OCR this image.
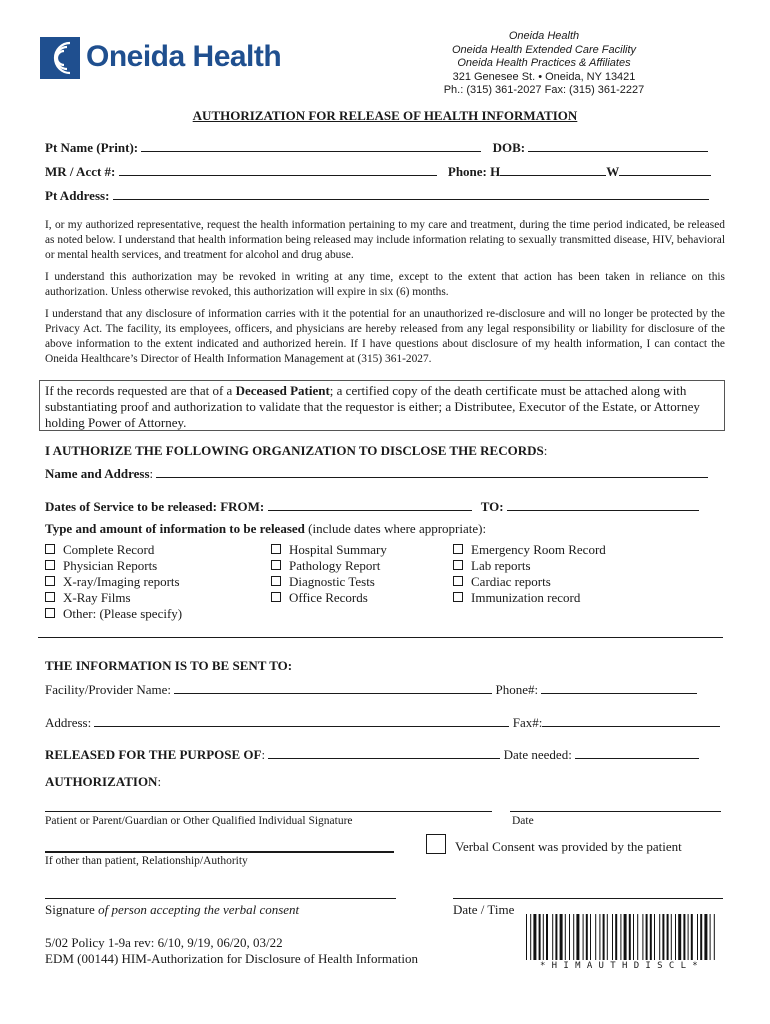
Oneida Health
Oneida Health
Oneida Health Extended Care Facility
Oneida Health Practices & Affiliates
321 Genesee St. • Oneida, NY 13421
Ph.: (315) 361-2027 Fax: (315) 361-2227
AUTHORIZATION FOR RELEASE OF HEALTH INFORMATION
Pt Name (Print):	DOB:
MR / Acct #:	Phone: H	W
Pt Address:
I, or my authorized representative, request the health information pertaining to my care and treatment, during the time period indicated, be released as noted below. I understand that health information being released may include information relating to sexually transmitted disease, HIV, behavioral or mental health services, and treatment for alcohol and drug abuse.
I understand this authorization may be revoked in writing at any time, except to the extent that action has been taken in reliance on this authorization. Unless otherwise revoked, this authorization will expire in six (6) months.
I understand that any disclosure of information carries with it the potential for an unauthorized re-disclosure and will no longer be protected by the Privacy Act. The facility, its employees, officers, and physicians are hereby released from any legal responsibility or liability for disclosure of the above information to the extent indicated and authorized herein. If I have questions about disclosure of my health information, I can contact the Oneida Healthcare’s Director of Health Information Management at (315) 361-2027.
If the records requested are that of a Deceased Patient; a certified copy of the death certificate must be attached along with substantiating proof and authorization to validate that the requestor is either; a Distributee, Executor of the Estate, or Attorney holding Power of Attorney.
I AUTHORIZE THE FOLLOWING ORGANIZATION TO DISCLOSE THE RECORDS:
Name and Address:
Dates of Service to be released: FROM:	TO:
Type and amount of information to be released (include dates where appropriate):
Complete Record
Physician Reports
X-ray/Imaging reports
X-Ray Films
Other: (Please specify)
Hospital Summary
Pathology Report
Diagnostic Tests
Office Records
Emergency Room Record
Lab reports
Cardiac reports
Immunization record
THE INFORMATION IS TO BE SENT TO:
Facility/Provider Name:	Phone#:
Address:	Fax#:
RELEASED FOR THE PURPOSE OF:	Date needed:
AUTHORIZATION:
Patient or Parent/Guardian or Other Qualified Individual Signature	Date
If other than patient, Relationship/Authority
Verbal Consent was provided by the patient
Signature of person accepting the verbal consent	Date / Time
5/02 Policy 1-9a rev: 6/10, 9/19, 06/20, 03/22
EDM (00144) HIM-Authorization for Disclosure of Health Information	*HIMAUTHDISCL*
